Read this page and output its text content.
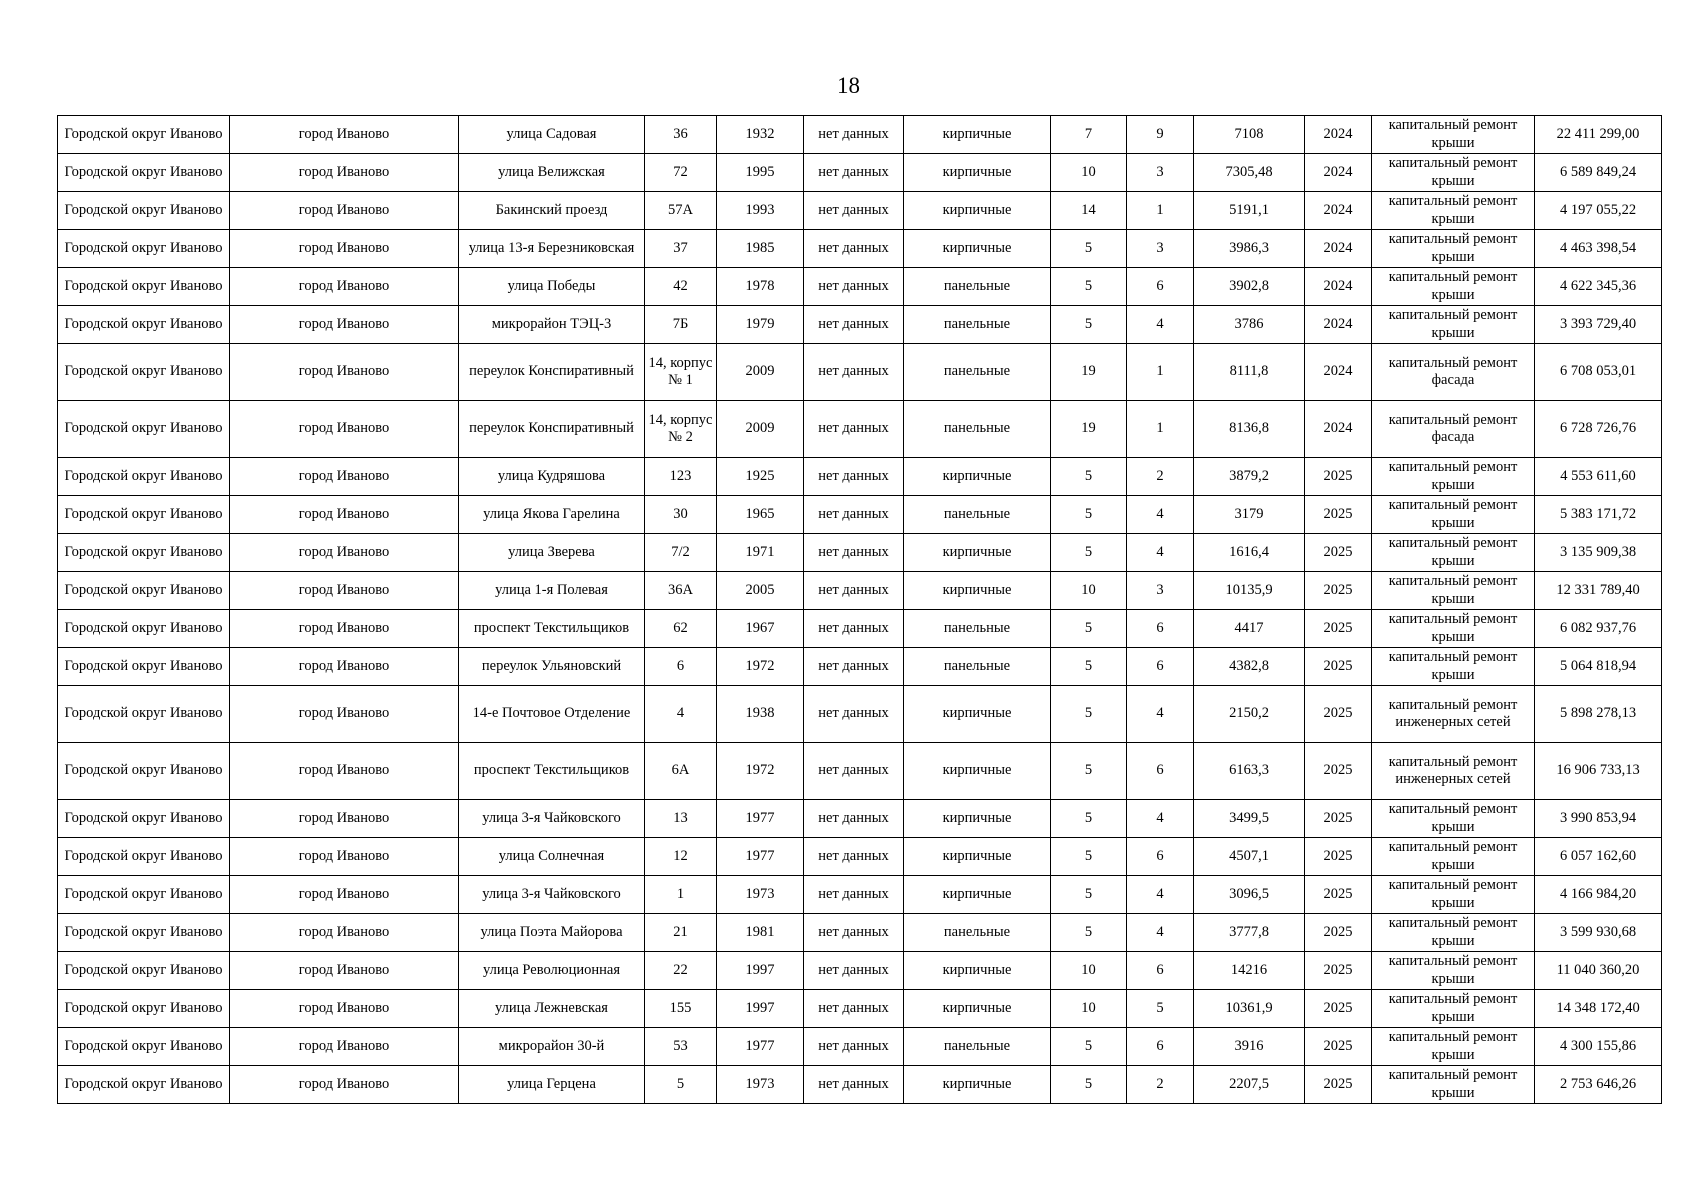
18
Городской округ Иваново	город Иваново	улица Садовая	36	1932	нет данных	кирпичные	7	9	7108	2024	капитальный ремонт крыши	22 411 299,00
Городской округ Иваново	город Иваново	улица Велижская	72	1995	нет данных	кирпичные	10	3	7305,48	2024	капитальный ремонт крыши	6 589 849,24
Городской округ Иваново	город Иваново	Бакинский проезд	57А	1993	нет данных	кирпичные	14	1	5191,1	2024	капитальный ремонт крыши	4 197 055,22
Городской округ Иваново	город Иваново	улица 13-я Березниковская	37	1985	нет данных	кирпичные	5	3	3986,3	2024	капитальный ремонт крыши	4 463 398,54
Городской округ Иваново	город Иваново	улица Победы	42	1978	нет данных	панельные	5	6	3902,8	2024	капитальный ремонт крыши	4 622 345,36
Городской округ Иваново	город Иваново	микрорайон ТЭЦ-3	7Б	1979	нет данных	панельные	5	4	3786	2024	капитальный ремонт крыши	3 393 729,40
Городской округ Иваново	город Иваново	переулок Конспиративный	14, корпус № 1	2009	нет данных	панельные	19	1	8111,8	2024	капитальный ремонт фасада	6 708 053,01
Городской округ Иваново	город Иваново	переулок Конспиративный	14, корпус № 2	2009	нет данных	панельные	19	1	8136,8	2024	капитальный ремонт фасада	6 728 726,76
Городской округ Иваново	город Иваново	улица Кудряшова	123	1925	нет данных	кирпичные	5	2	3879,2	2025	капитальный ремонт крыши	4 553 611,60
Городской округ Иваново	город Иваново	улица Якова Гарелина	30	1965	нет данных	панельные	5	4	3179	2025	капитальный ремонт крыши	5 383 171,72
Городской округ Иваново	город Иваново	улица Зверева	7/2	1971	нет данных	кирпичные	5	4	1616,4	2025	капитальный ремонт крыши	3 135 909,38
Городской округ Иваново	город Иваново	улица 1-я Полевая	36А	2005	нет данных	кирпичные	10	3	10135,9	2025	капитальный ремонт крыши	12 331 789,40
Городской округ Иваново	город Иваново	проспект Текстильщиков	62	1967	нет данных	панельные	5	6	4417	2025	капитальный ремонт крыши	6 082 937,76
Городской округ Иваново	город Иваново	переулок Ульяновский	6	1972	нет данных	панельные	5	6	4382,8	2025	капитальный ремонт крыши	5 064 818,94
Городской округ Иваново	город Иваново	14-е Почтовое Отделение	4	1938	нет данных	кирпичные	5	4	2150,2	2025	капитальный ремонт инженерных сетей	5 898 278,13
Городской округ Иваново	город Иваново	проспект Текстильщиков	6А	1972	нет данных	кирпичные	5	6	6163,3	2025	капитальный ремонт инженерных сетей	16 906 733,13
Городской округ Иваново	город Иваново	улица 3-я Чайковского	13	1977	нет данных	кирпичные	5	4	3499,5	2025	капитальный ремонт крыши	3 990 853,94
Городской округ Иваново	город Иваново	улица Солнечная	12	1977	нет данных	кирпичные	5	6	4507,1	2025	капитальный ремонт крыши	6 057 162,60
Городской округ Иваново	город Иваново	улица 3-я Чайковского	1	1973	нет данных	кирпичные	5	4	3096,5	2025	капитальный ремонт крыши	4 166 984,20
Городской округ Иваново	город Иваново	улица Поэта Майорова	21	1981	нет данных	панельные	5	4	3777,8	2025	капитальный ремонт крыши	3 599 930,68
Городской округ Иваново	город Иваново	улица Революционная	22	1997	нет данных	кирпичные	10	6	14216	2025	капитальный ремонт крыши	11 040 360,20
Городской округ Иваново	город Иваново	улица Лежневская	155	1997	нет данных	кирпичные	10	5	10361,9	2025	капитальный ремонт крыши	14 348 172,40
Городской округ Иваново	город Иваново	микрорайон 30-й	53	1977	нет данных	панельные	5	6	3916	2025	капитальный ремонт крыши	4 300 155,86
Городской округ Иваново	город Иваново	улица Герцена	5	1973	нет данных	кирпичные	5	2	2207,5	2025	капитальный ремонт крыши	2 753 646,26
